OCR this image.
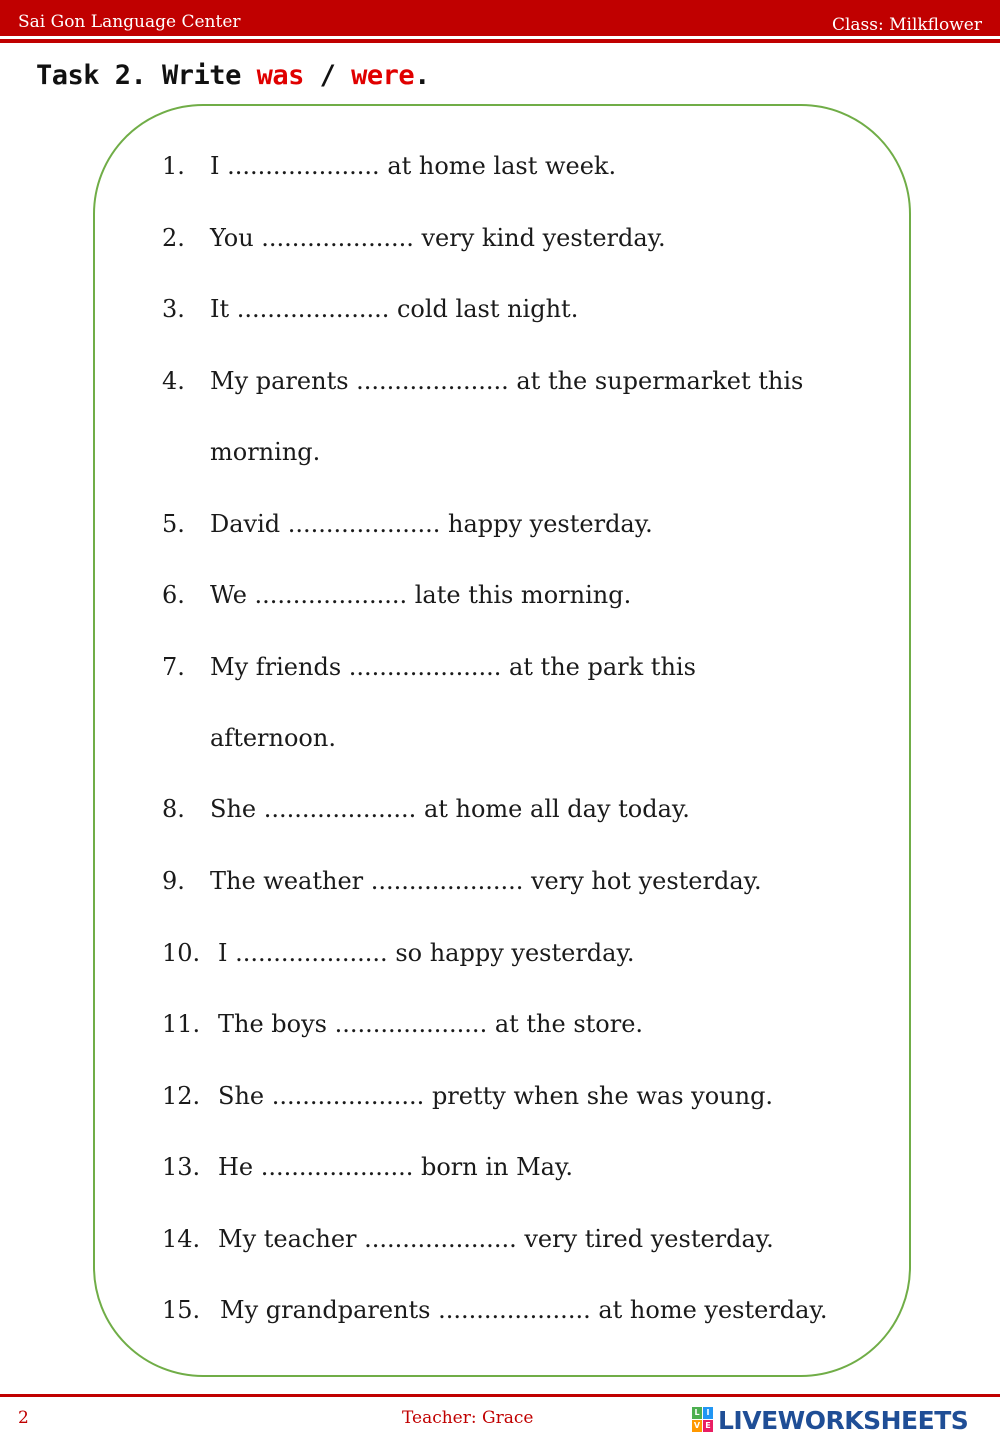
Sai Gon Language Center	Class: Milkflower
Task 2. Write was / were.
1. I .................... at home last week.
2. You .................... very kind yesterday.
3. It .................... cold last night.
4. My parents .................... at the supermarket this
morning.
5. David .................... happy yesterday.
6. We .................... late this morning.
7. My friends .................... at the park this
afternoon.
8. She .................... at home all day today.
9. The weather .................... very hot yesterday.
10. I .................... so happy yesterday.
11. The boys .................... at the store.
12. She .................... pretty when she was young.
13. He .................... born in May.
14. My teacher .................... very tired yesterday.
15. My grandparents .................... at home yesterday.
2	Teacher: Grace	L I
V E LIVEWORKSHEETS
